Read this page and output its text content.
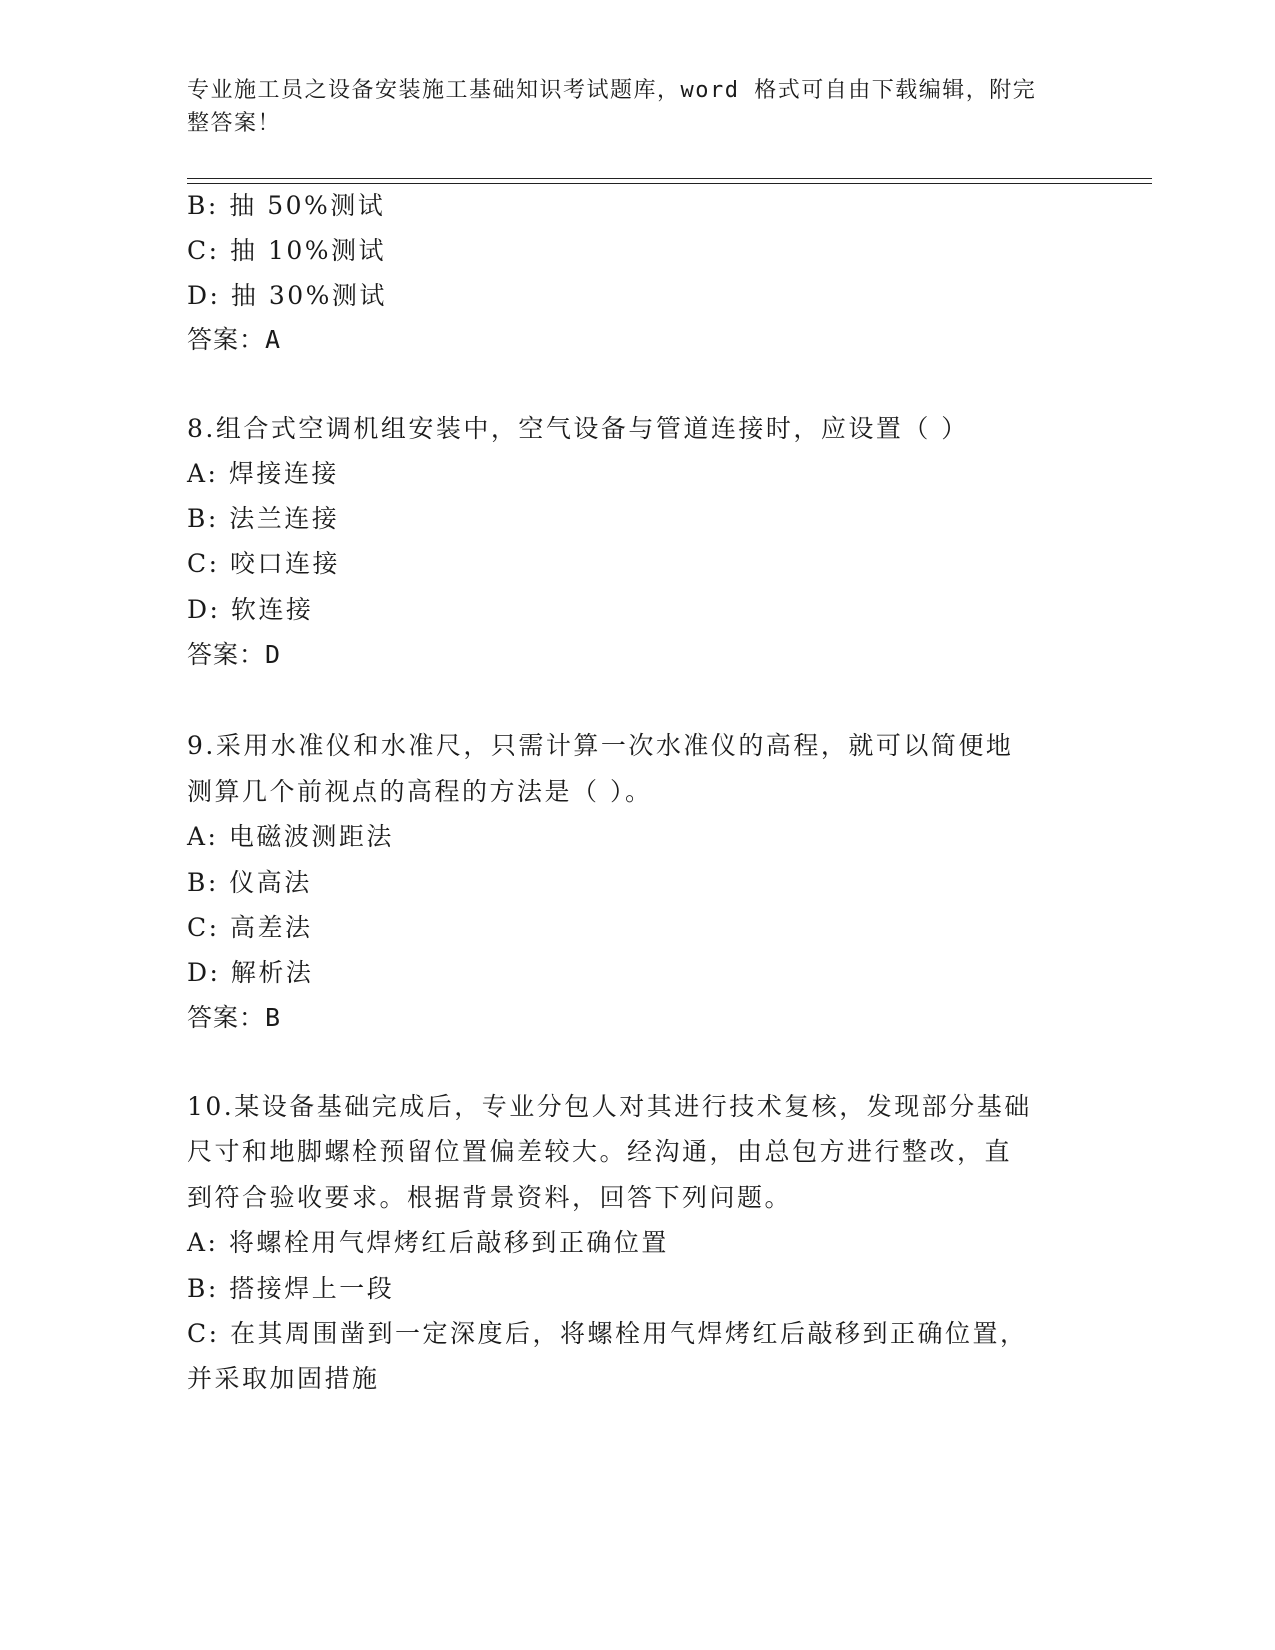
专业施工员之设备安装施工基础知识考试题库，word 格式可自由下载编辑，附完
整答案！
B: 抽 50%测试
C: 抽 10%测试
D: 抽 30%测试
答案：A
8.组合式空调机组安装中，空气设备与管道连接时，应设置（ ）
A: 焊接连接
B: 法兰连接
C: 咬口连接
D: 软连接
答案：D
9.采用水准仪和水准尺，只需计算一次水准仪的高程，就可以简便地
测算几个前视点的高程的方法是（ ）。
A: 电磁波测距法
B: 仪高法
C: 高差法
D: 解析法
答案：B
10.某设备基础完成后，专业分包人对其进行技术复核，发现部分基础
尺寸和地脚螺栓预留位置偏差较大。经沟通，由总包方进行整改，直
到符合验收要求。根据背景资料，回答下列问题。
A: 将螺栓用气焊烤红后敲移到正确位置
B: 搭接焊上一段
C: 在其周围凿到一定深度后，将螺栓用气焊烤红后敲移到正确位置，
并采取加固措施
